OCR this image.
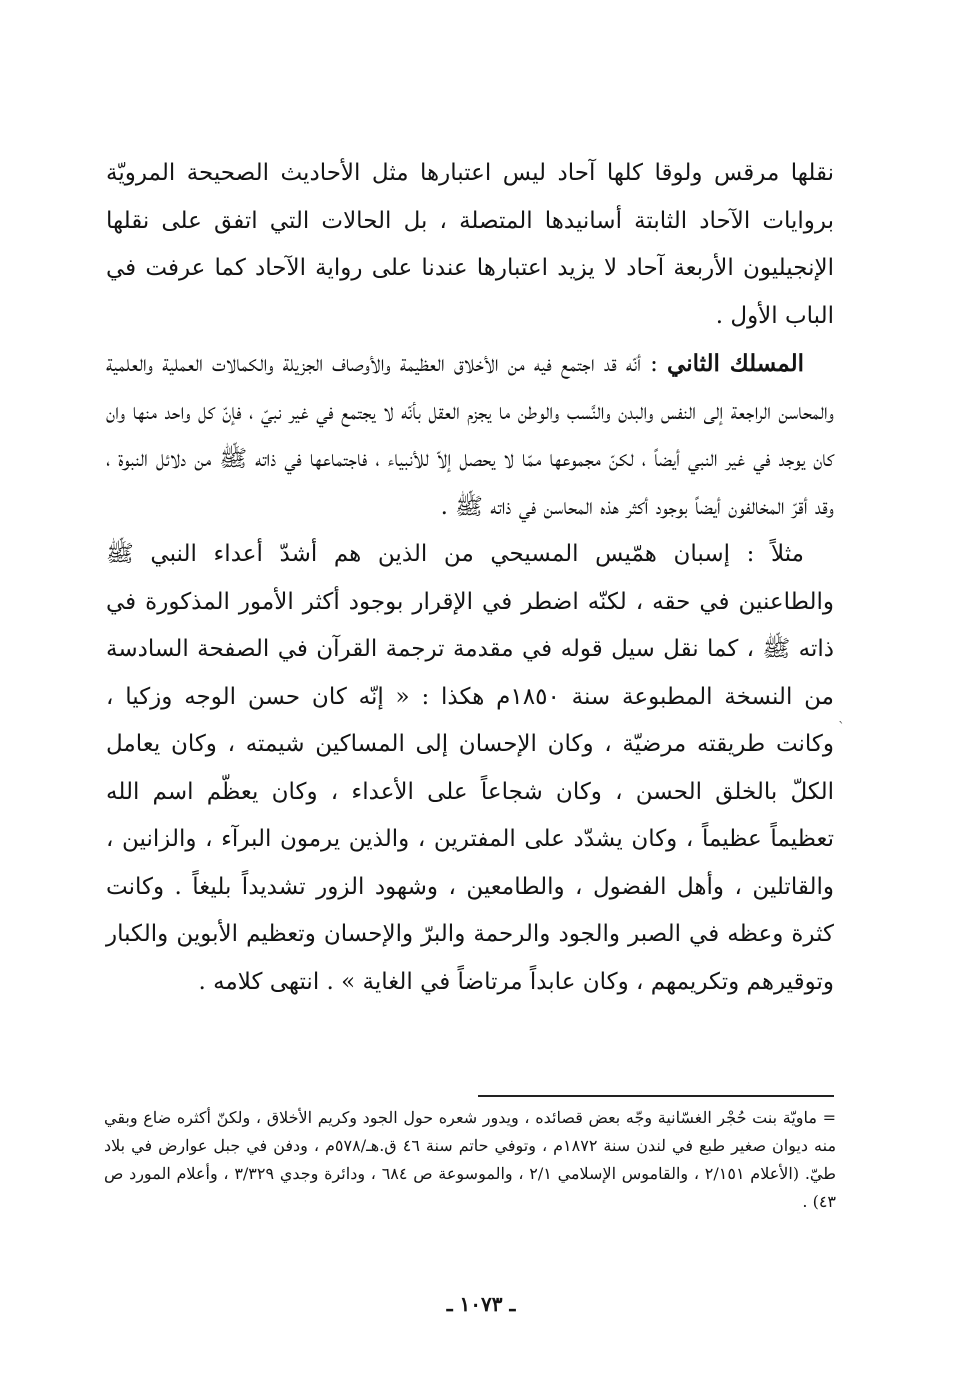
نقلها مرقس ولوقا كلها آحاد ليس اعتبارها مثل الأحاديث الصحيحة المرويّة بروايات الآحاد الثابتة أسانيدها المتصلة ، بل الحالات التي اتفق على نقلها الإنجيليون الأربعة آحاد لا يزيد اعتبارها عندنا على رواية الآحاد كما عرفت في الباب الأول .

المسلك الثاني : أنّه قد اجتمع فيه من الأخلاق العظيمة والأوصاف الجزيلة والكمالات العملية والعلمية والمحاسن الراجعة إلى النفس والبدن والنَّسب والوطن ما يجزم العقل بأنّه لا يجتمع في غير نبيّ ، فإنّ كل واحد منها وان كان يوجد في غير النبي أيضاً ، لكنّ مجموعها ممّا لا يحصل إلاّ للأنبياء ، فاجتماعها في ذاته ﷺ من دلائل النبوة ، وقد أقرّ المخالفون أيضاً بوجود أكثر هذه المحاسن في ذاته ﷺ .

مثلاً : إسبان همّيس المسيحي من الذين هم أشدّ أعداء النبي ﷺ والطاعنين في حقه ، لكنّه اضطر في الإقرار بوجود أكثر الأمور المذكورة في ذاته ﷺ ، كما نقل سيل قوله في مقدمة ترجمة القرآن في الصفحة السادسة من النسخة المطبوعة سنة ١٨٥٠م هكذا : « إنّه كان حسن الوجه وزكيا ، وكانت طريقته مرضيّة ، وكان الإحسان إلى المساكين شيمته ، وكان يعامل الكلّ بالخلق الحسن ، وكان شجاعاً على الأعداء ، وكان يعظّم اسم الله تعظيماً عظيماً ، وكان يشدّد على المفترين ، والذين يرمون البرآء ، والزانين ، والقاتلين ، وأهل الفضول ، والطامعين ، وشهود الزور تشديداً بليغاً . وكانت كثرة وعظه في الصبر والجود والرحمة والبرّ والإحسان وتعظيم الأبوين والكبار وتوقيرهم وتكريمهم ، وكان عابداً مرتاضاً في الغاية » . انتهى كلامه .

`

= ماويّة بنت حُجْر الغسّانية وجّه بعض قصائده ، ويدور شعره حول الجود وكريم الأخلاق ، ولكنّ أكثره ضاع وبقي منه ديوان صغير طبع في لندن سنة ١٨٧٢م ، وتوفي حاتم سنة ٤٦ ق.هـ/٥٧٨م ، ودفن في جبل عوارض في بلاد طيّ. (الأعلام ٢/١٥١ ، والقاموس الإسلامي ٢/١ ، والموسوعة ص ٦٨٤ ، ودائرة وجدي ٣/٣٢٩ ، وأعلام المورد ص ٤٣) .

ـ ١٠٧٣ ـ
